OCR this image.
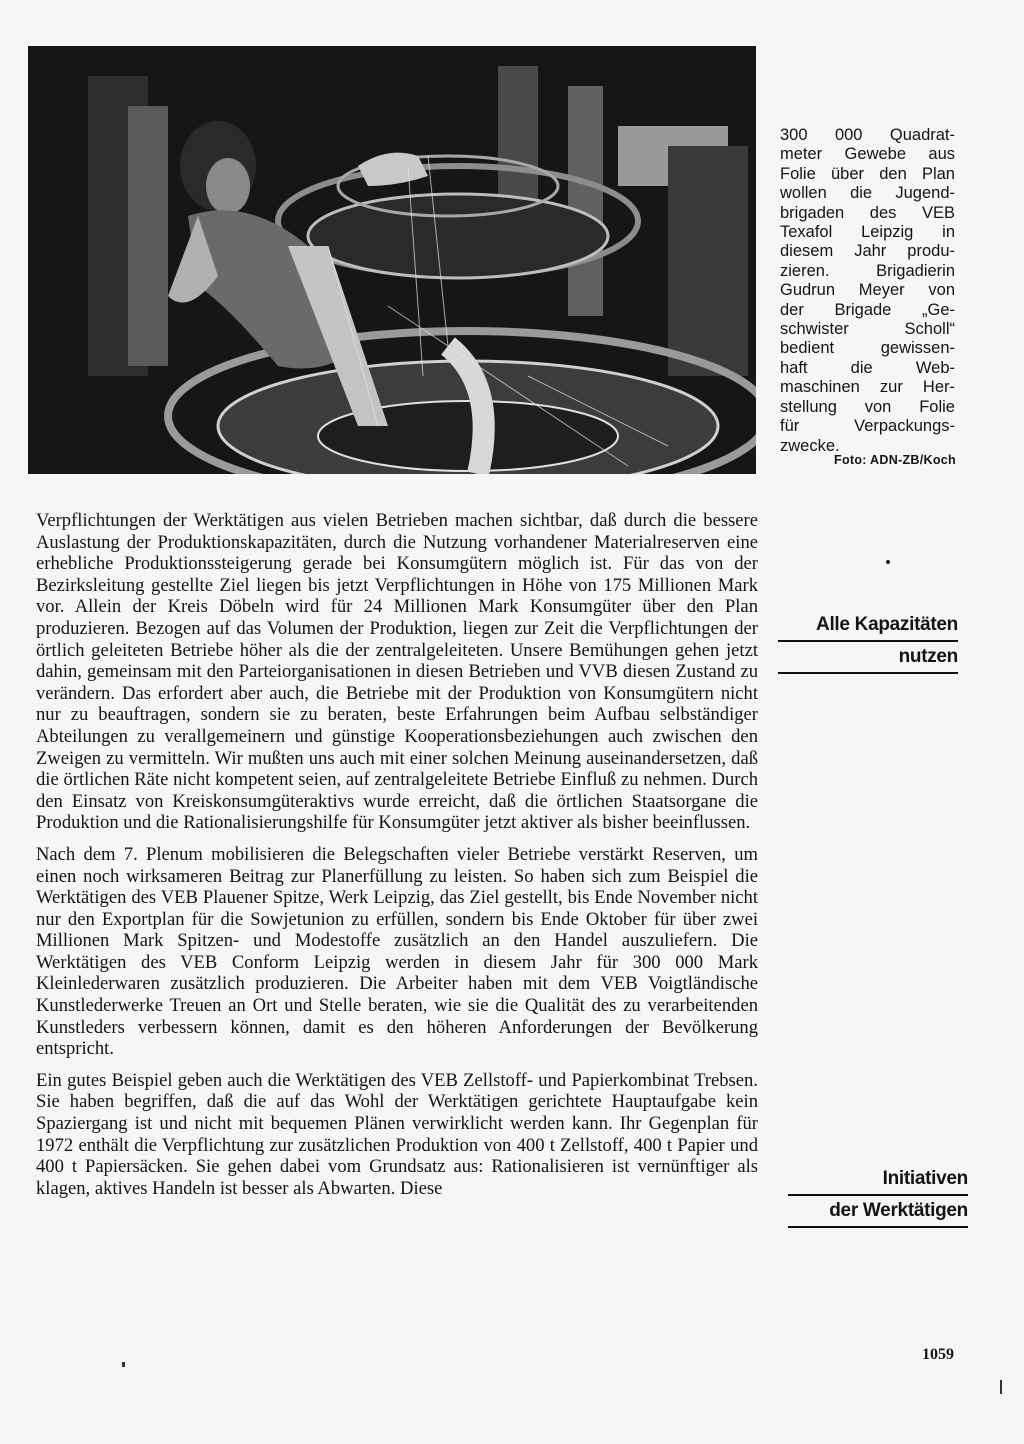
300 000 Quadrat-
meter Gewebe aus
Folie über den Plan
wollen die Jugend-
brigaden des VEB
Texafol Leipzig in
diesem Jahr produ-
zieren. Brigadierin
Gudrun Meyer von
der Brigade „Ge-
schwister Scholl“
bedient gewissen-
haft die Web-
maschinen zur Her-
stellung von Folie
für Verpackungs-
zwecke.

Foto: ADN-ZB/Koch

Verpflichtungen der Werktätigen aus vielen Betrieben machen sichtbar, daß durch die bessere Auslastung der Produktionskapazitäten, durch die Nutzung vorhandener Materialreserven eine erhebliche Produktionssteigerung gerade bei Konsumgütern möglich ist. Für das von der Bezirksleitung gestellte Ziel liegen bis jetzt Verpflichtungen in Höhe von 175 Millionen Mark vor. Allein der Kreis Döbeln wird für 24 Millionen Mark Konsumgüter über den Plan produzieren. Bezogen auf das Volumen der Produktion, liegen zur Zeit die Verpflichtungen der örtlich geleiteten Betriebe höher als die der zentralgeleiteten. Unsere Bemühungen gehen jetzt dahin, gemeinsam mit den Parteiorganisationen in diesen Betrieben und VVB diesen Zustand zu verändern. Das erfordert aber auch, die Betriebe mit der Produktion von Konsumgütern nicht nur zu beauftragen, sondern sie zu beraten, beste Erfahrungen beim Aufbau selbständiger Abteilungen zu verallgemeinern und günstige Kooperationsbeziehungen auch zwischen den Zweigen zu vermitteln. Wir mußten uns auch mit einer solchen Meinung auseinandersetzen, daß die örtlichen Räte nicht kompetent seien, auf zentralgeleitete Betriebe Einfluß zu nehmen. Durch den Einsatz von Kreiskonsumgüteraktivs wurde erreicht, daß die örtlichen Staatsorgane die Produktion und die Rationalisierungshilfe für Konsumgüter jetzt aktiver als bisher beeinflussen.

Nach dem 7. Plenum mobilisieren die Belegschaften vieler Betriebe verstärkt Reserven, um einen noch wirksameren Beitrag zur Planerfüllung zu leisten. So haben sich zum Beispiel die Werktätigen des VEB Plauener Spitze, Werk Leipzig, das Ziel gestellt, bis Ende November nicht nur den Exportplan für die Sowjetunion zu erfüllen, sondern bis Ende Oktober für über zwei Millionen Mark Spitzen- und Modestoffe zusätzlich an den Handel auszuliefern. Die Werktätigen des VEB Conform Leipzig werden in diesem Jahr für 300 000 Mark Kleinlederwaren zusätzlich produzieren. Die Arbeiter haben mit dem VEB Voigtländische Kunstlederwerke Treuen an Ort und Stelle beraten, wie sie die Qualität des zu verarbeitenden Kunstleders verbessern können, damit es den höheren Anforderungen der Bevölkerung entspricht.

Ein gutes Beispiel geben auch die Werktätigen des VEB Zellstoff- und Papierkombinat Trebsen. Sie haben begriffen, daß die auf das Wohl der Werktätigen gerichtete Hauptaufgabe kein Spaziergang ist und nicht mit bequemen Plänen verwirklicht werden kann. Ihr Gegenplan für 1972 enthält die Verpflichtung zur zusätzlichen Produktion von 400 t Zellstoff, 400 t Papier und 400 t Papiersäcken. Sie gehen dabei vom Grundsatz aus: Rationalisieren ist vernünftiger als klagen, aktives Handeln ist besser als Abwarten. Diese

Alle Kapazitäten
nutzen
Initiativen
der Werktätigen
1059
